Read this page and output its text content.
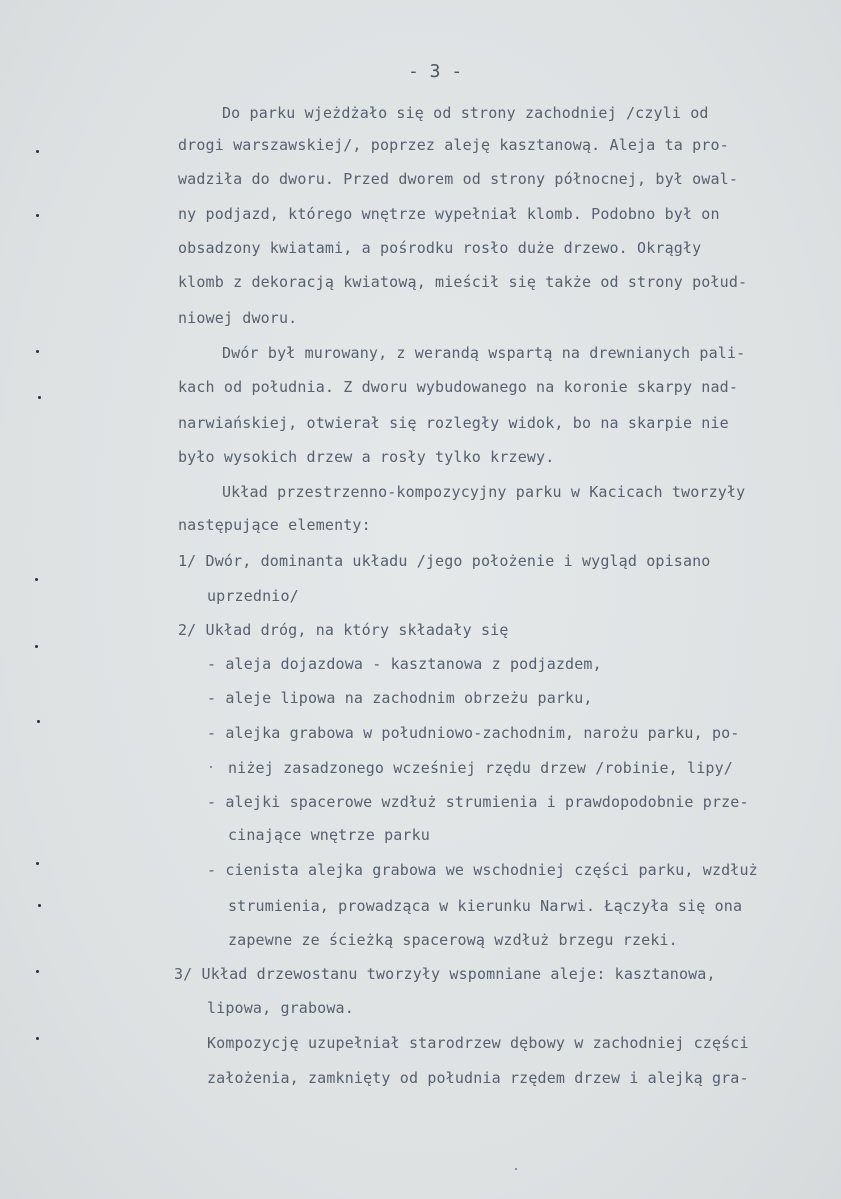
- 3 -
Do parku wjeżdżało się od strony zachodniej /czyli od
drogi warszawskiej/, poprzez aleję kasztanową. Aleja ta pro-
wadziła do dworu. Przed dworem od strony północnej, był owal-
ny podjazd, którego wnętrze wypełniał klomb. Podobno był on
obsadzony kwiatami, a pośrodku rosło duże drzewo. Okrągły
klomb z dekoracją kwiatową, mieścił się także od strony połud-
niowej dworu.
Dwór był murowany, z werandą wspartą na drewnianych pali-
kach od południa. Z dworu wybudowanego na koronie skarpy nad-
narwiańskiej, otwierał się rozległy widok, bo na skarpie nie
było wysokich drzew a rosły tylko krzewy.
Układ przestrzenno-kompozycyjny parku w Kacicach tworzyły
następujące elementy:
1/ Dwór, dominanta układu /jego położenie i wygląd opisano
uprzednio/
2/ Układ dróg, na który składały się
- aleja dojazdowa - kasztanowa z podjazdem,
- aleje lipowa na zachodnim obrzeżu parku,
- alejka grabowa w południowo-zachodnim, narożu parku, po-
niżej zasadzonego wcześniej rzędu drzew /robinie, lipy/
- alejki spacerowe wzdłuż strumienia i prawdopodobnie prze-
cinające wnętrze parku
- cienista alejka grabowa we wschodniej części parku, wzdłuż
strumienia, prowadząca w kierunku Narwi. Łączyła się ona
zapewne ze ścieżką spacerową wzdłuż brzegu rzeki.
3/ Układ drzewostanu tworzyły wspomniane aleje: kasztanowa,
lipowa, grabowa.
Kompozycję uzupełniał starodrzew dębowy w zachodniej części
założenia, zamknięty od południa rzędem drzew i alejką gra-
